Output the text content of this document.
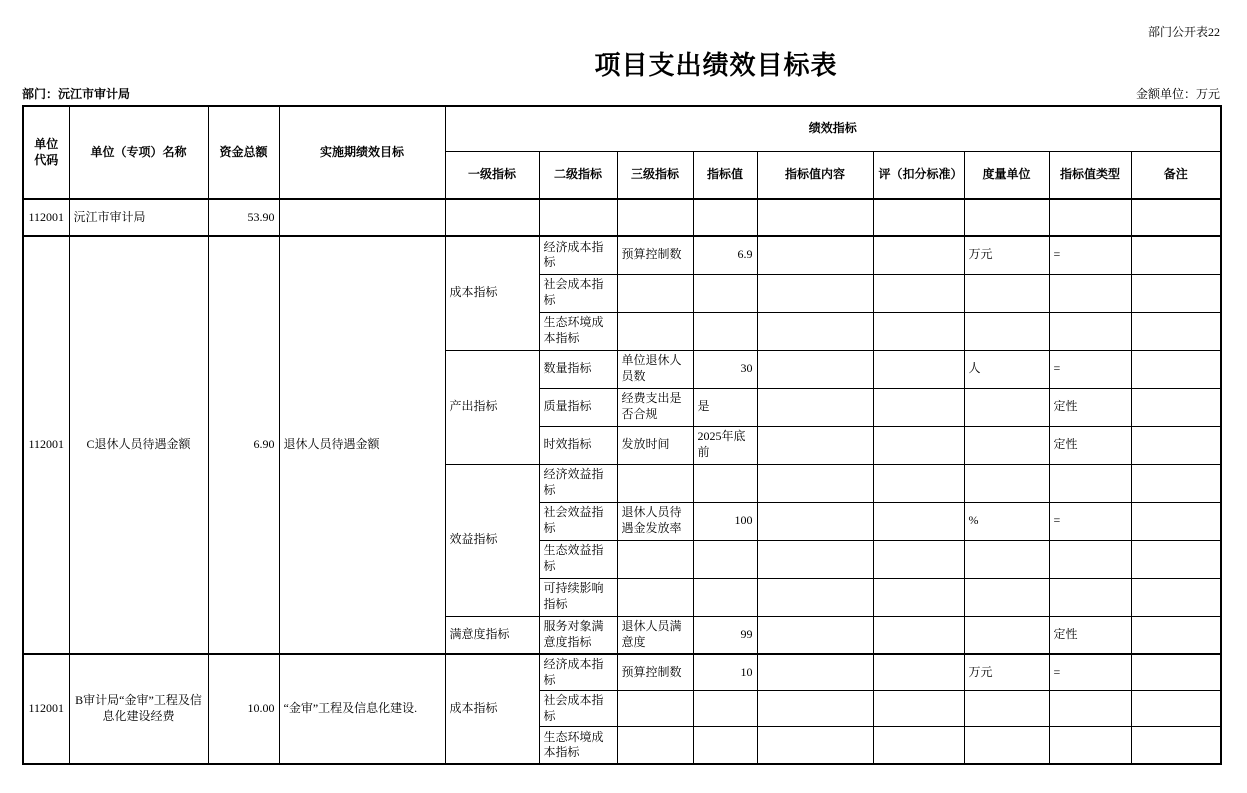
部门公开表22
项目支出绩效目标表
部门：沅江市审计局	金额单位：万元
单位代码	单位（专项）名称	资金总额	实施期绩效目标	绩效指标								
				一级指标	二级指标	三级指标	指标值	指标值内容	评（扣分标准）	度量单位	指标值类型	备注
112001	沅江市审计局	53.90										
112001	C退休人员待遇金额	6.90	退休人员待遇金额	成本指标	经济成本指标	预算控制数	6.9			万元	=	
					社会成本指标							
					生态环境成本指标							
				产出指标	数量指标	单位退休人员数	30			人	=	
					质量指标	经费支出是否合规	是				定性	
					时效指标	发放时间	2025年底前				定性	
				效益指标	经济效益指标							
					社会效益指标	退休人员待遇金发放率	100			%	=	
					生态效益指标							
					可持续影响指标							
				满意度指标	服务对象满意度指标	退休人员满意度	99				定性	
112001	B审计局“金审”工程及信息化建设经费	10.00	“金审”工程及信息化建设.	成本指标	经济成本指标	预算控制数	10			万元	=	
					社会成本指标							
					生态环境成本指标							
